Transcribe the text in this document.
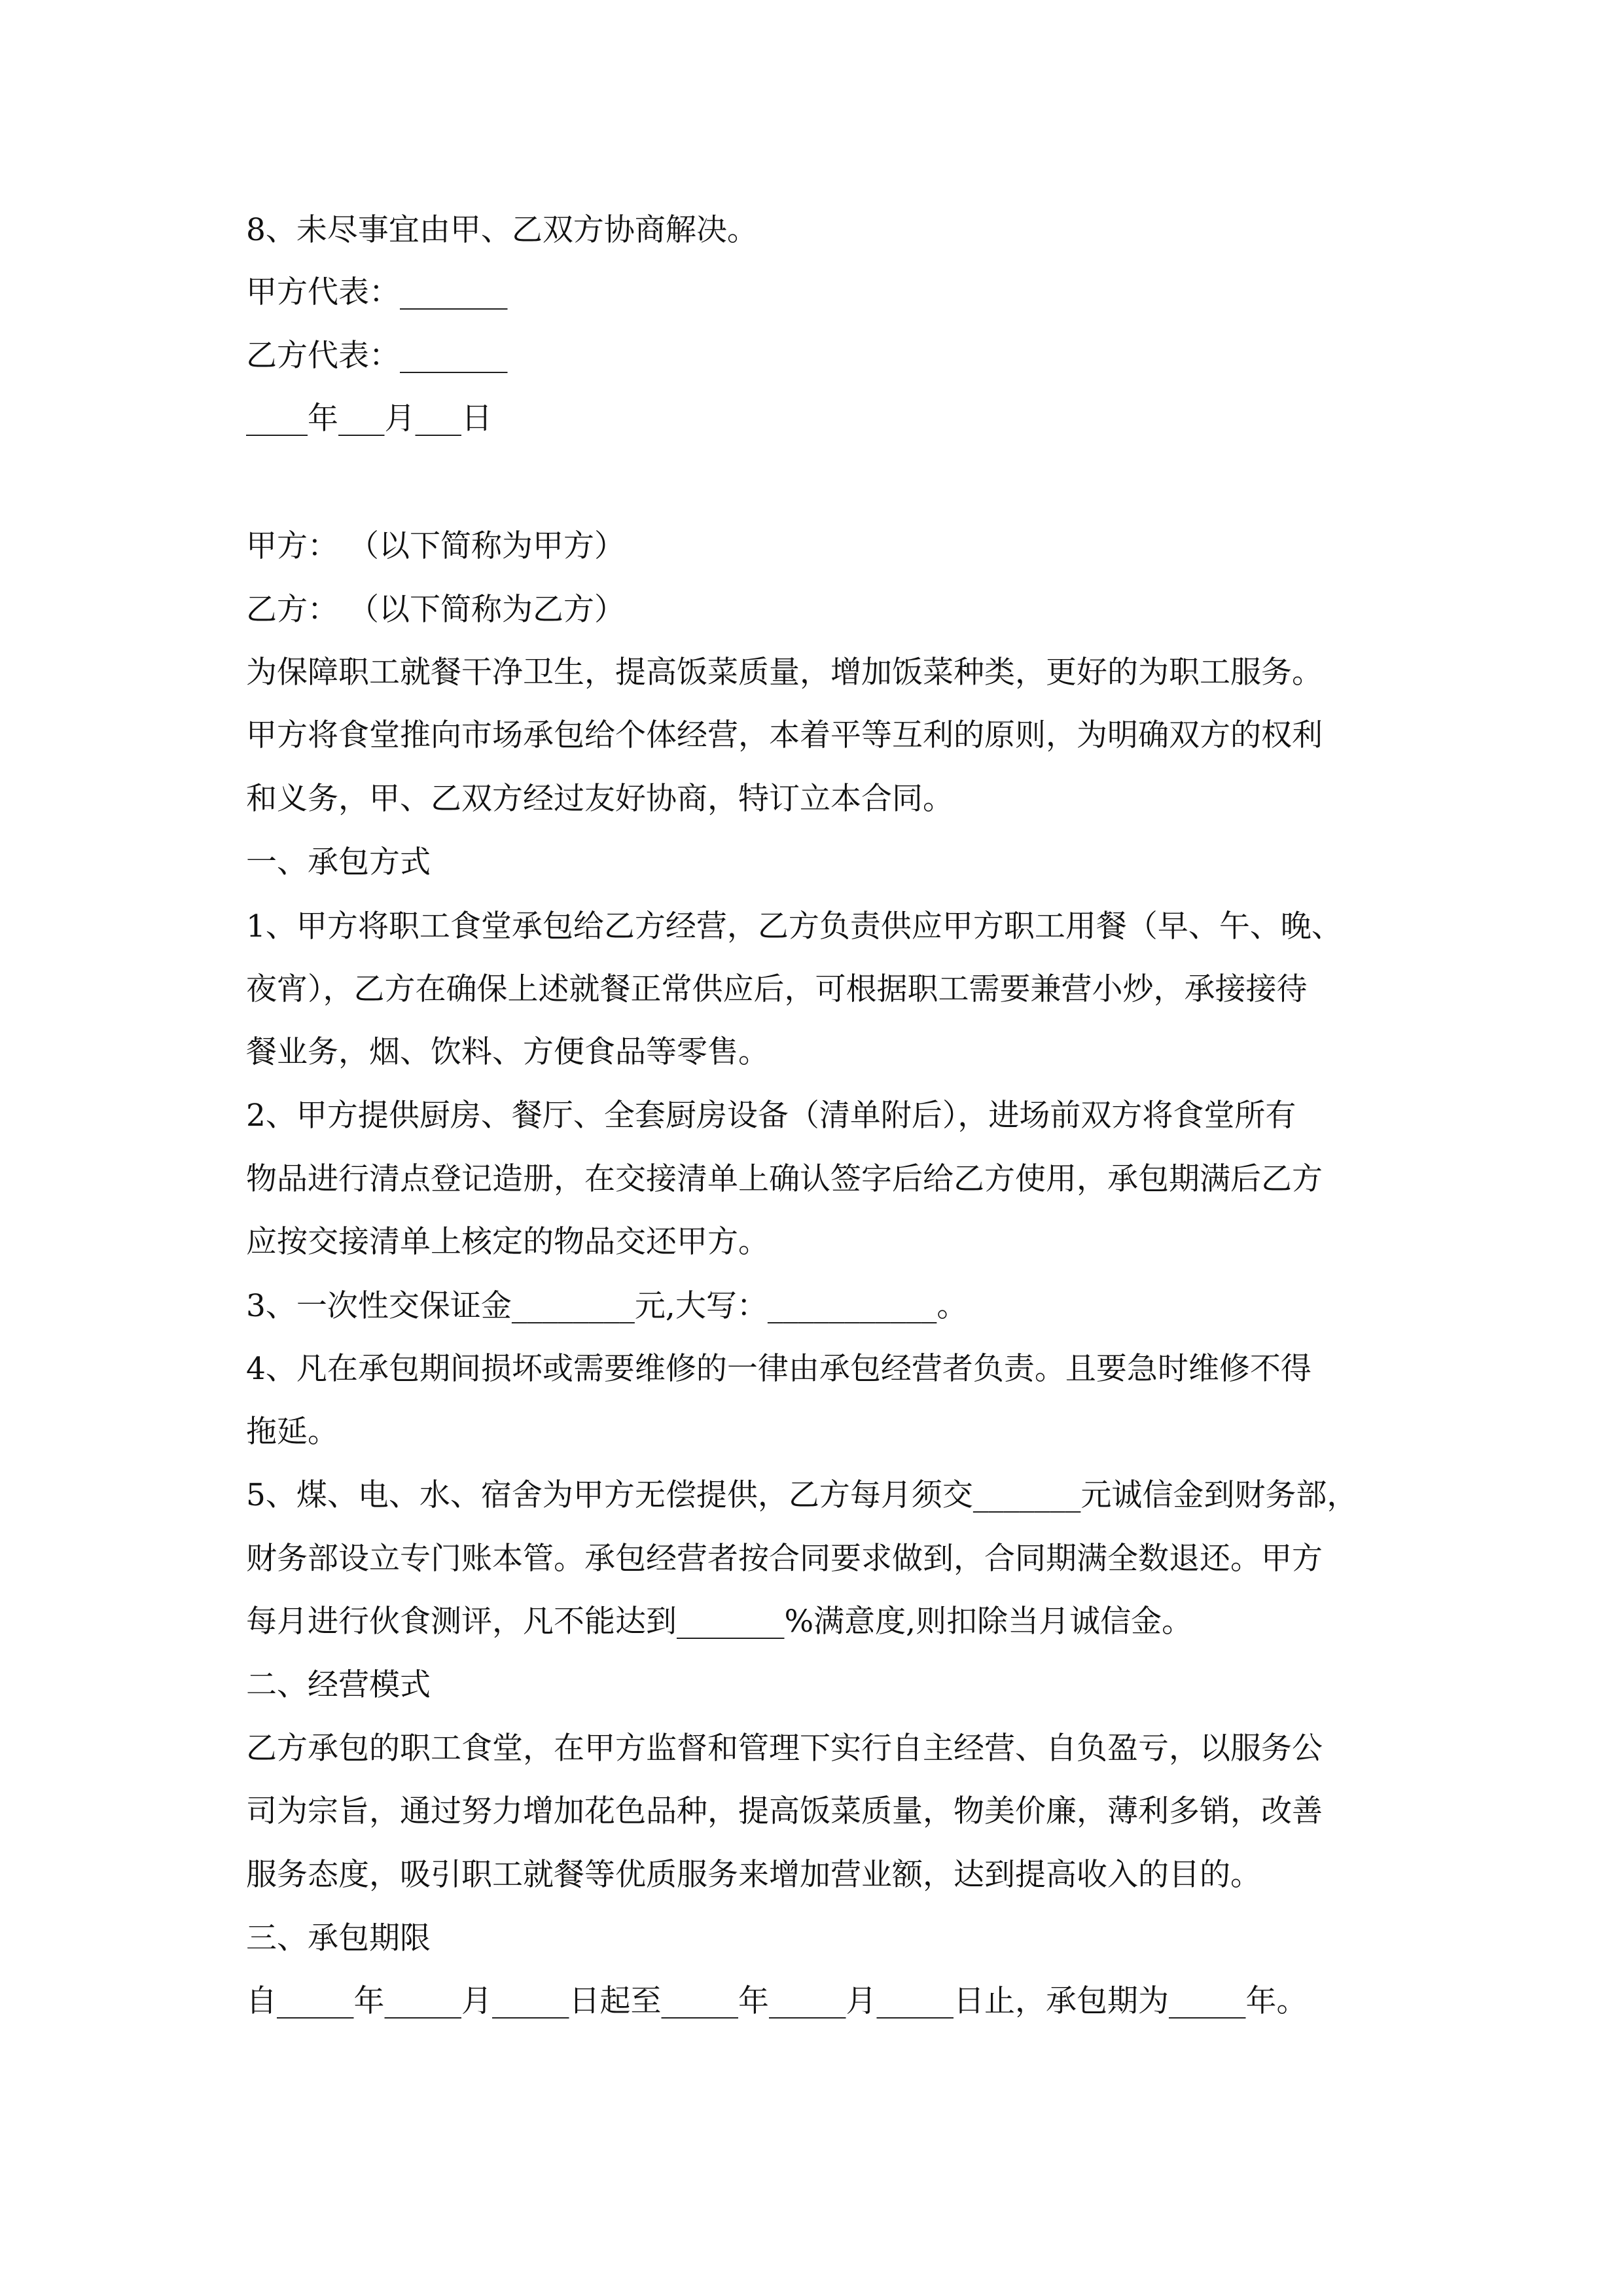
8、未尽事宜由甲、乙双方协商解决。
甲方代表：_______
乙方代表：_______
____年___月___日
甲方： （以下简称为甲方）
乙方： （以下简称为乙方）
为保障职工就餐干净卫生，提高饭菜质量，增加饭菜种类，更好的为职工服务。
甲方将食堂推向市场承包给个体经营，本着平等互利的原则，为明确双方的权利
和义务，甲、乙双方经过友好协商，特订立本合同。
一、承包方式
1、甲方将职工食堂承包给乙方经营，乙方负责供应甲方职工用餐（早、午、晚、
夜宵），乙方在确保上述就餐正常供应后，可根据职工需要兼营小炒，承接接待
餐业务，烟、饮料、方便食品等零售。
2、甲方提供厨房、餐厅、全套厨房设备（清单附后），进场前双方将食堂所有
物品进行清点登记造册，在交接清单上确认签字后给乙方使用，承包期满后乙方
应按交接清单上核定的物品交还甲方。
3、一次性交保证金________元,大写：___________。
4、凡在承包期间损坏或需要维修的一律由承包经营者负责。且要急时维修不得
拖延。
5、煤、电、水、宿舍为甲方无偿提供，乙方每月须交_______元诚信金到财务部，
财务部设立专门账本管。承包经营者按合同要求做到，合同期满全数退还。甲方
每月进行伙食测评，凡不能达到_______%满意度,则扣除当月诚信金。
二、经营模式
乙方承包的职工食堂，在甲方监督和管理下实行自主经营、自负盈亏，以服务公
司为宗旨，通过努力增加花色品种，提高饭菜质量，物美价廉，薄利多销，改善
服务态度，吸引职工就餐等优质服务来增加营业额，达到提高收入的目的。
三、承包期限
自_____年_____月_____日起至_____年_____月_____日止，承包期为_____年。
